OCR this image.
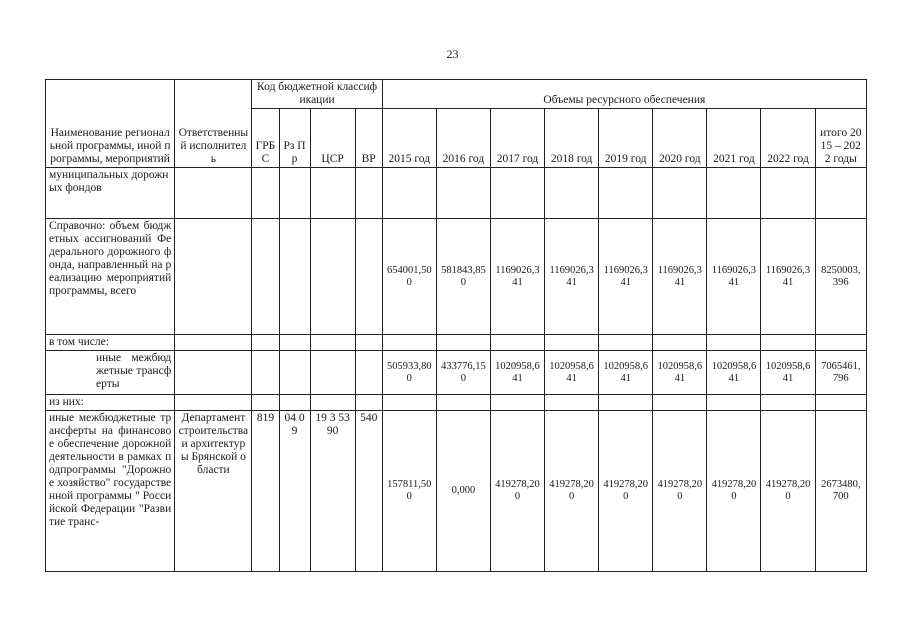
23
Наименование региональной программы, иной программы, мероприятий	Ответственный исполнитель	Код бюджетной классификации				Объемы ресурсного обеспечения								
		ГРБС	Рз Пр	ЦСР	ВР	2015 год	2016 год	2017 год	2018 год	2019 год	2020 год	2021 год	2022 год	итого 2015 – 2022 годы
муниципальных дорожных фондов														
Справочно: объем бюджетных ассигнований Федерального дорожного фонда, направленный на реализацию мероприятий программы, всего						654001,500	581843,850	1169026,341	1169026,341	1169026,341	1169026,341	1169026,341	1169026,341	8250003,396
в том числе:														
иные межбюджетные трансферты						505933,800	433776,150	1020958,641	1020958,641	1020958,641	1020958,641	1020958,641	1020958,641	7065461,796
из них:														
иные межбюджетные трансферты на финансовое обеспечение дорожной деятельности в рамках подпрограммы "Дорожное хозяйство" государственной программы " Российской Федерации "Развитие транс-	Департамент строительства и архитектуры Брянской области	819	04 09	19 3 5390	540	157811,500	0,000	419278,200	419278,200	419278,200	419278,200	419278,200	419278,200	2673480,700
